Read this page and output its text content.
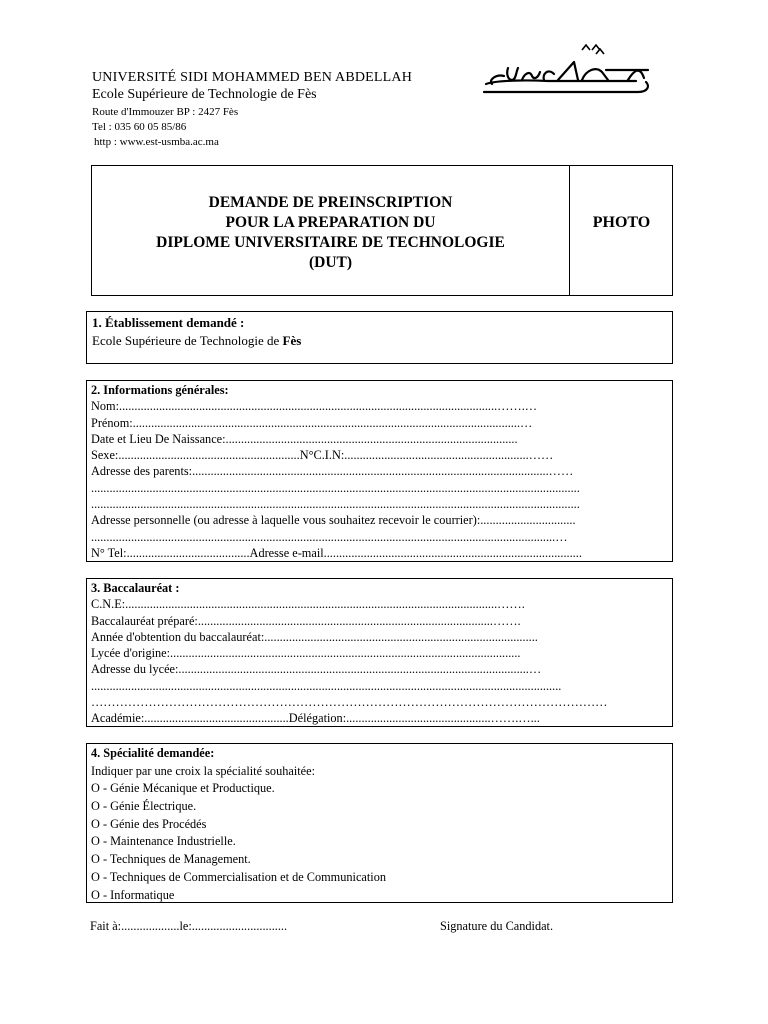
UNIVERSITÉ SIDI MOHAMMED BEN ABDELLAH
Ecole Supérieure de Technologie de Fès
Route d'Immouzer BP : 2427 Fès
Tel : 035 60 05 85/86
http : www.est-usmba.ac.ma
DEMANDE DE PREINSCRIPTION
POUR LA PREPARATION DU
DIPLOME UNIVERSITAIRE DE TECHNOLOGIE
(DUT)
PHOTO
1. Établissement demandé :
Ecole Supérieure de Technologie de Fès
2. Informations générales:
Nom:...........................................................................................................................…….…
Prénom:..............................................................................................................................…
Date et Lieu De Naissance:...............................................................................................
Sexe:...........................................................N°C.I.N:............................................................……
Adresse des parents:....................................................................................................................……
...............................................................................................................................................................
...............................................................................................................................................................
Adresse personnelle (ou adresse à laquelle vous souhaitez recevoir le courrier):...............................
.......................................................................................................................................................…
N° Tel:........................................Adresse e-mail....................................................................................
3. Baccalauréat :
C.N.E:.........................................................................................................................…….
Baccalauréat préparé:................................................................................................…….
Année d'obtention du baccalauréat:.........................................................................................
Lycée d'origine:..................................................................................................................
Adresse du lycée:..................................................................................................................…
.........................................................................................................................................................
………………………………………………………………………………………………………………
Académie:...............................................Délégation:...............................................…….…...
4. Spécialité demandée:
Indiquer par une croix la spécialité souhaitée:
O - Génie Mécanique et Productique.
O - Génie Électrique.
O - Génie des Procédés
O - Maintenance Industrielle.
O - Techniques de Management.
O - Techniques de Commercialisation et de Communication
O - Informatique
Fait à:...................le:...............................	Signature du Candidat.
